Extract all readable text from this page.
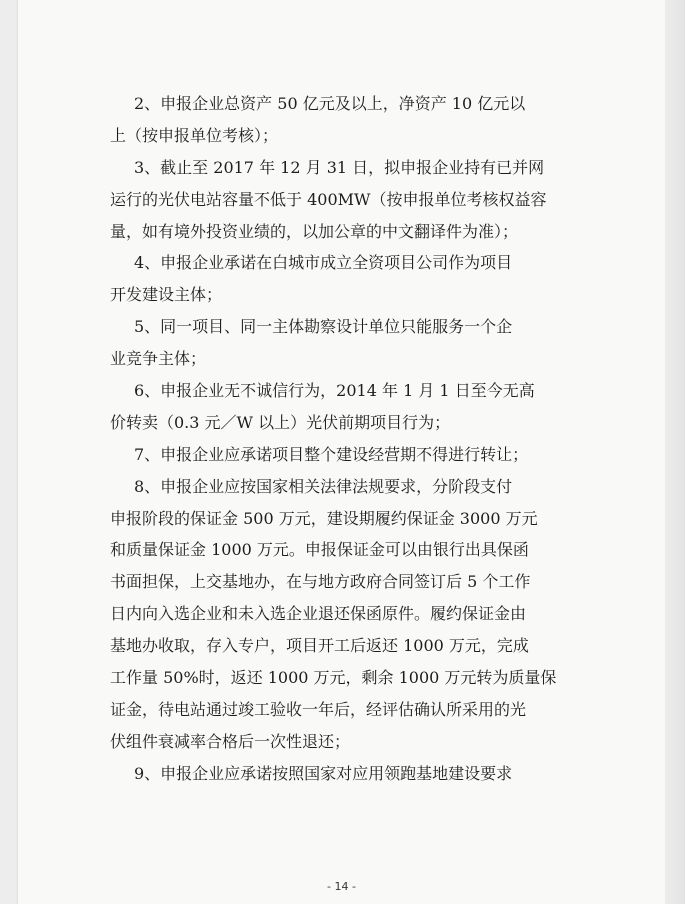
2、申报企业总资产 50 亿元及以上，净资产 10 亿元以
上（按申报单位考核）；
3、截止至 2017 年 12 月 31 日，拟申报企业持有已并网
运行的光伏电站容量不低于 400MW（按申报单位考核权益容
量，如有境外投资业绩的，以加公章的中文翻译件为准）；
4、申报企业承诺在白城市成立全资项目公司作为项目
开发建设主体；
5、同一项目、同一主体勘察设计单位只能服务一个企
业竞争主体；
6、申报企业无不诚信行为，2014 年 1 月 1 日至今无高
价转卖（0.3 元／W 以上）光伏前期项目行为；
7、申报企业应承诺项目整个建设经营期不得进行转让；
8、申报企业应按国家相关法律法规要求，分阶段支付
申报阶段的保证金 500 万元，建设期履约保证金 3000 万元
和质量保证金 1000 万元。申报保证金可以由银行出具保函
书面担保，上交基地办，在与地方政府合同签订后 5 个工作
日内向入选企业和未入选企业退还保函原件。履约保证金由
基地办收取，存入专户，项目开工后返还 1000 万元，完成
工作量 50%时，返还 1000 万元，剩余 1000 万元转为质量保
证金，待电站通过竣工验收一年后，经评估确认所采用的光
伏组件衰减率合格后一次性退还；
9、申报企业应承诺按照国家对应用领跑基地建设要求
- 14 -
